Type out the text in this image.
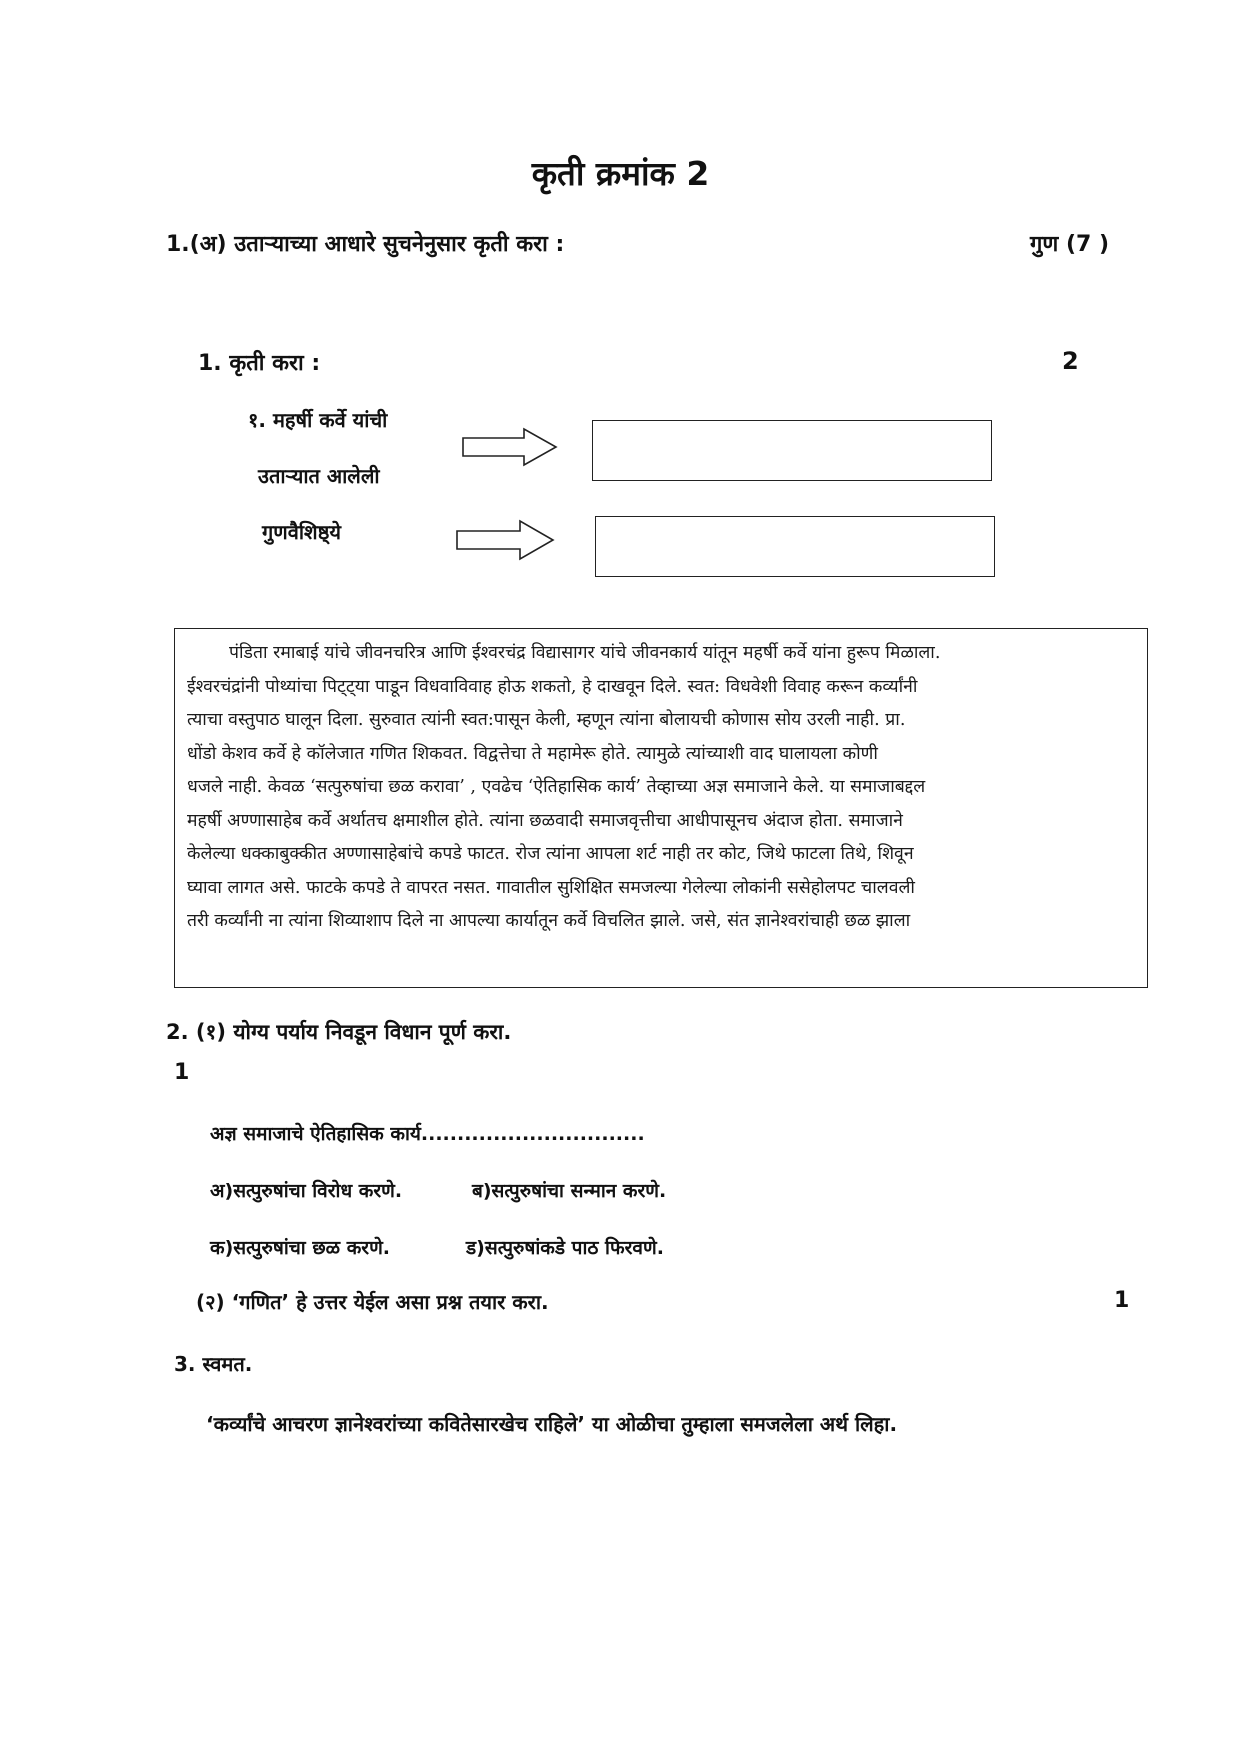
कृती क्रमांक 2
1.(अ) उताऱ्याच्या आधारे सुचनेनुसार कृती करा :	गुण (7 )
1. कृती करा :	2
१. महर्षी कर्वे यांची
उताऱ्यात आलेली
गुणवैशिष्ठ्ये
पंडिता रमाबाई यांचे जीवनचरित्र आणि ईश्वरचंद्र विद्यासागर यांचे जीवनकार्य यांतून महर्षी कर्वे यांना हुरूप मिळाला.
ईश्वरचंद्रांनी पोथ्यांचा पिट्ट्या पाडून विधवाविवाह होऊ शकतो, हे दाखवून दिले. स्वत: विधवेशी विवाह करून कर्व्यांनी
त्याचा वस्तुपाठ घालून दिला. सुरुवात त्यांनी स्वत:पासून केली, म्हणून त्यांना बोलायची कोणास सोय उरली नाही. प्रा.
धोंडो केशव कर्वे हे कॉलेजात गणित शिकवत. विद्वत्तेचा ते महामेरू होते. त्यामुळे त्यांच्याशी वाद घालायला कोणी
धजले नाही. केवळ ‘सत्पुरुषांचा छळ करावा’ , एवढेच ‘ऐतिहासिक कार्य’ तेव्हाच्या अज्ञ समाजाने केले. या समाजाबद्दल
महर्षी अण्णासाहेब कर्वे अर्थातच क्षमाशील होते. त्यांना छळवादी समाजवृत्तीचा आधीपासूनच अंदाज होता. समाजाने
केलेल्या धक्काबुक्कीत अण्णासाहेबांचे कपडे फाटत. रोज त्यांना आपला शर्ट नाही तर कोट, जिथे फाटला तिथे, शिवून
घ्यावा लागत असे. फाटके कपडे ते वापरत नसत. गावातील सुशिक्षित समजल्या गेलेल्या लोकांनी ससेहोलपट चालवली
तरी कर्व्यांनी ना त्यांना शिव्याशाप दिले ना आपल्या कार्यातून कर्वे विचलित झाले. जसे, संत ज्ञानेश्वरांचाही छळ झाला
2. (१) योग्य पर्याय निवडून विधान पूर्ण करा.
1
अज्ञ समाजाचे ऐतिहासिक कार्य...............................
अ)सत्पुरुषांचा विरोध करणे.	ब)सत्पुरुषांचा सन्मान करणे.
क)सत्पुरुषांचा छळ करणे.	ड)सत्पुरुषांकडे पाठ फिरवणे.
(२) ‘गणित’ हे उत्तर येईल असा प्रश्न तयार करा.	1
3. स्वमत.
‘कर्व्यांचे आचरण ज्ञानेश्वरांच्या कवितेसारखेच राहिले’ या ओळीचा तुम्हाला समजलेला अर्थ लिहा.
